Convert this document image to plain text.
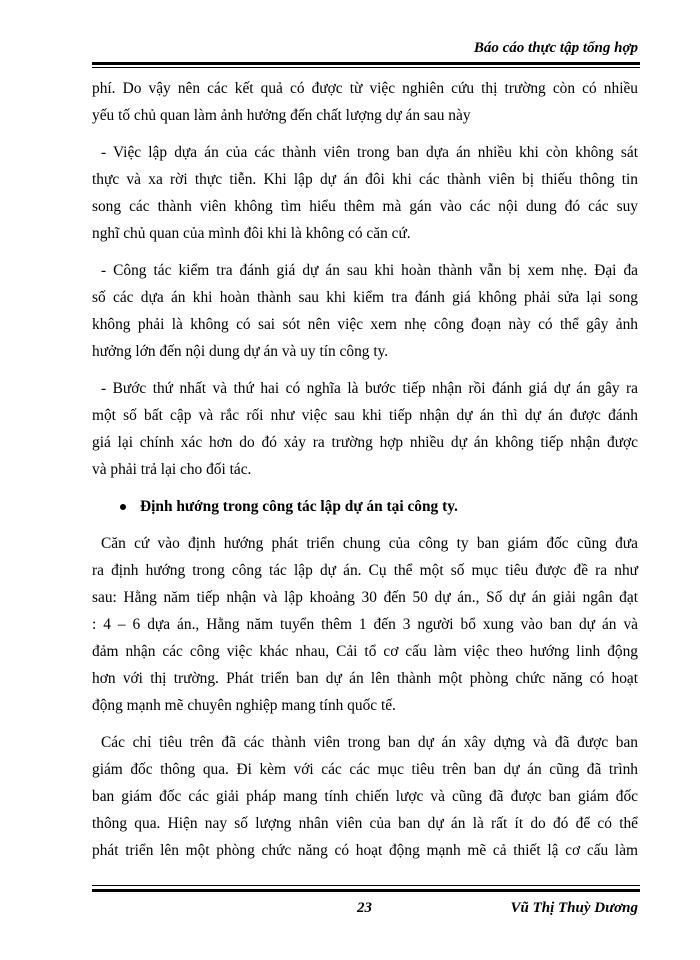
Báo cáo thực tập tổng hợp
phí. Do vậy nên các kết quả có được từ việc nghiên cứu thị trường còn có nhiều
yếu tố chủ quan làm ảnh hưởng đến chất lượng dự án sau này
- Việc lập dựa án của các thành viên trong ban dựa án nhiều khi còn không sát
thực và xa rời thực tiễn. Khi lập dự án đôi khi các thành viên bị thiếu thông tin
song các thành viên không tìm hiểu thêm mà gán vào các nội dung đó các suy
nghĩ chủ quan của mình đôi khi là không có căn cứ.
- Công tác kiểm tra đánh giá dự án sau khi hoàn thành vẫn bị xem nhẹ. Đại đa
số các dựa án khi hoàn thành sau khi kiểm tra đánh giá không phải sửa lại song
không phải là không có sai sót nên việc xem nhẹ công đoạn này có thể gây ảnh
hưởng lớn đến nội dung dự án và uy tín công ty.
- Bước thứ nhất và thứ hai có nghĩa là bước tiếp nhận rồi đánh giá dự án gây ra
một số bất cập và rắc rối như việc sau khi tiếp nhận dự án thì dự án được đánh
giá lại chính xác hơn do đó xảy ra trường hợp nhiều dự án không tiếp nhận được
và phải trả lại cho đối tác.
Định hướng trong công tác lập dự án tại công ty.
Căn cứ vào định hướng phát triển chung của công ty ban giám đốc cũng đưa
ra định hướng trong công tác lập dự án. Cụ thể một số mục tiêu được đề ra như
sau: Hằng năm tiếp nhận và lập khoảng 30 đến 50 dự án., Số dự án giải ngân đạt
: 4 – 6 dựa án., Hằng năm tuyển thêm 1 đến 3 người bổ xung vào ban dự án và
đảm nhận các công việc khác nhau, Cải tổ cơ cấu làm việc theo hướng linh động
hơn với thị trường. Phát triển ban dự án lên thành một phòng chức năng có hoạt
động mạnh mẽ chuyên nghiệp mang tính quốc tế.
Các chỉ tiêu trên đã các thành viên trong ban dự án xây dựng và đã được ban
giám đốc thông qua. Đi kèm với các các mục tiêu trên ban dự án cũng đã trình
ban giám đốc các giải pháp mang tính chiến lược và cũng đã được ban giám đốc
thông qua. Hiện nay số lượng nhân viên của ban dự án là rất ít do đó để có thể
phát triển lên một phòng chức năng có hoạt động mạnh mẽ cả thiết lậ cơ cấu làm
23	Vũ Thị Thuỳ Dương
